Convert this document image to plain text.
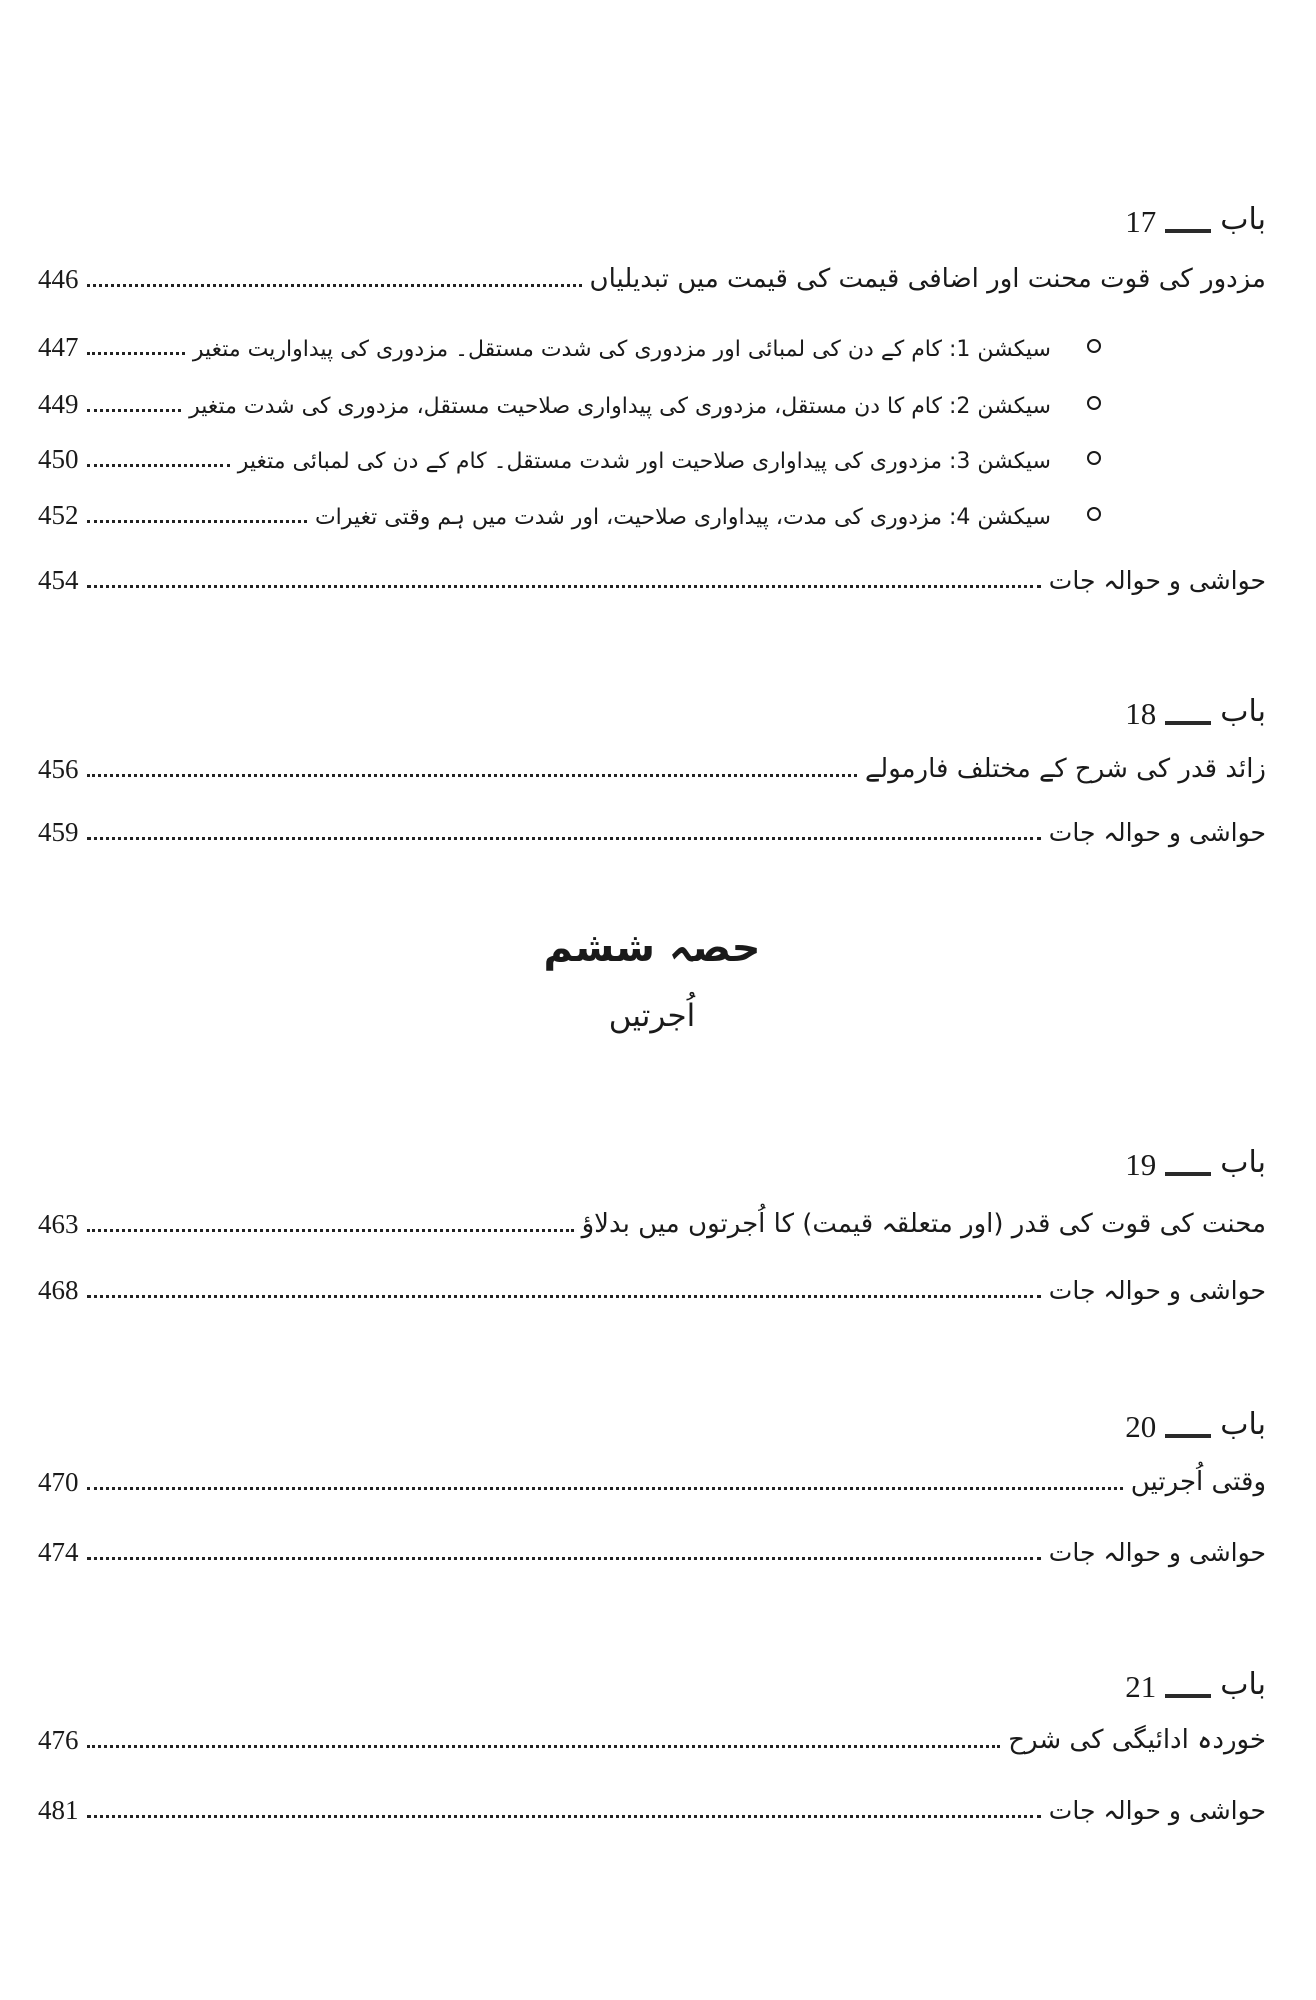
باب
17
مزدور کی قوت محنت اور اضافی قیمت کی قیمت میں تبدیلیاں
446
سیکشن 1: کام کے دن کی لمبائی اور مزدوری کی شدت مستقل۔ مزدوری کی پیداواریت متغیر
447
سیکشن 2: کام کا دن مستقل، مزدوری کی پیداواری صلاحیت مستقل، مزدوری کی شدت متغیر
449
سیکشن 3: مزدوری کی پیداواری صلاحیت اور شدت مستقل۔ کام کے دن کی لمبائی متغیر
450
سیکشن 4: مزدوری کی مدت، پیداواری صلاحیت، اور شدت میں ہم وقتی تغیرات
452
حواشی و حوالہ جات
454
باب
18
زائد قدر کی شرح کے مختلف فارمولے
456
حواشی و حوالہ جات
459
حصہ ششم
اُجرتیں
باب
19
محنت کی قوت کی قدر (اور متعلقہ قیمت) کا اُجرتوں میں بدلاؤ
463
حواشی و حوالہ جات
468
باب
20
وقتی اُجرتیں
470
حواشی و حوالہ جات
474
باب
21
خوردہ ادائیگی کی شرح
476
حواشی و حوالہ جات
481
